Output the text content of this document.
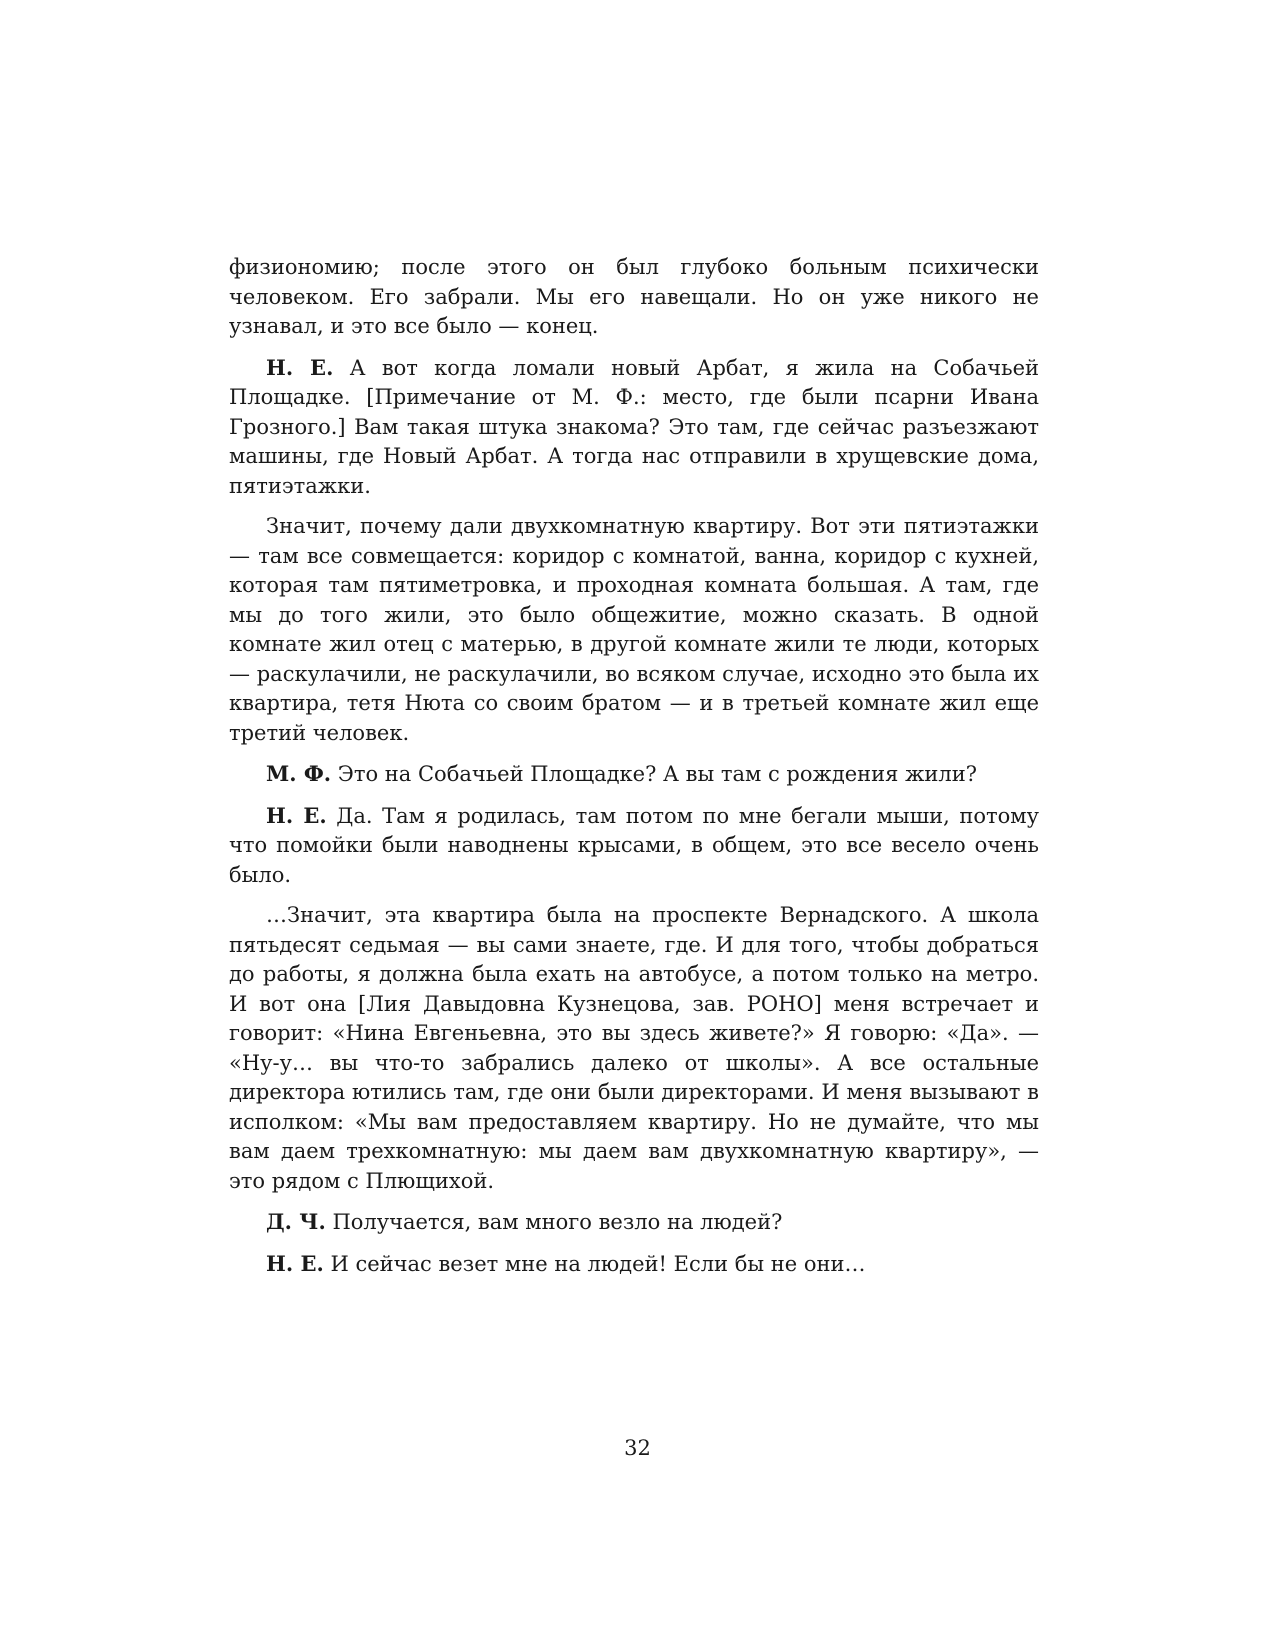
физиономию; после этого он был глубоко больным психически человеком. Его забрали. Мы его навещали. Но он уже никого не узнавал, и это все было — конец.

Н. Е. А вот когда ломали новый Арбат, я жила на Собачьей Площадке. [Примечание от М. Ф.: место, где были псарни Ивана Грозного.] Вам такая штука знакома? Это там, где сейчас разъезжают машины, где Новый Арбат. А тогда нас отправили в хрущевские дома, пятиэтажки.

Значит, почему дали двухкомнатную квартиру. Вот эти пятиэтажки — там все совмещается: коридор с комнатой, ванна, коридор с кухней, которая там пятиметровка, и проходная комната большая. А там, где мы до того жили, это было общежитие, можно сказать. В одной комнате жил отец с матерью, в другой комнате жили те люди, которых — раскулачили, не раскулачили, во всяком случае, исходно это была их квартира, тетя Нюта со своим братом — и в третьей комнате жил еще третий человек.

М. Ф. Это на Собачьей Площадке? А вы там с рождения жили?

Н. Е. Да. Там я родилась, там потом по мне бегали мыши, потому что помойки были наводнены крысами, в общем, это все весело очень было.

…Значит, эта квартира была на проспекте Вернадского. А школа пятьдесят седьмая — вы сами знаете, где. И для того, чтобы добраться до работы, я должна была ехать на автобусе, а потом только на метро. И вот она [Лия Давыдовна Кузнецова, зав. РОНО] меня встречает и говорит: «Нина Евгеньевна, это вы здесь живете?» Я говорю: «Да». — «Ну-у… вы что-то забрались далеко от школы». А все остальные директора ютились там, где они были директорами. И меня вызывают в исполком: «Мы вам предоставляем квартиру. Но не думайте, что мы вам даем трехкомнатную: мы даем вам двухкомнатную квартиру», — это рядом с Плющихой.

Д. Ч. Получается, вам много везло на людей?

Н. Е. И сейчас везет мне на людей! Если бы не они…

32
